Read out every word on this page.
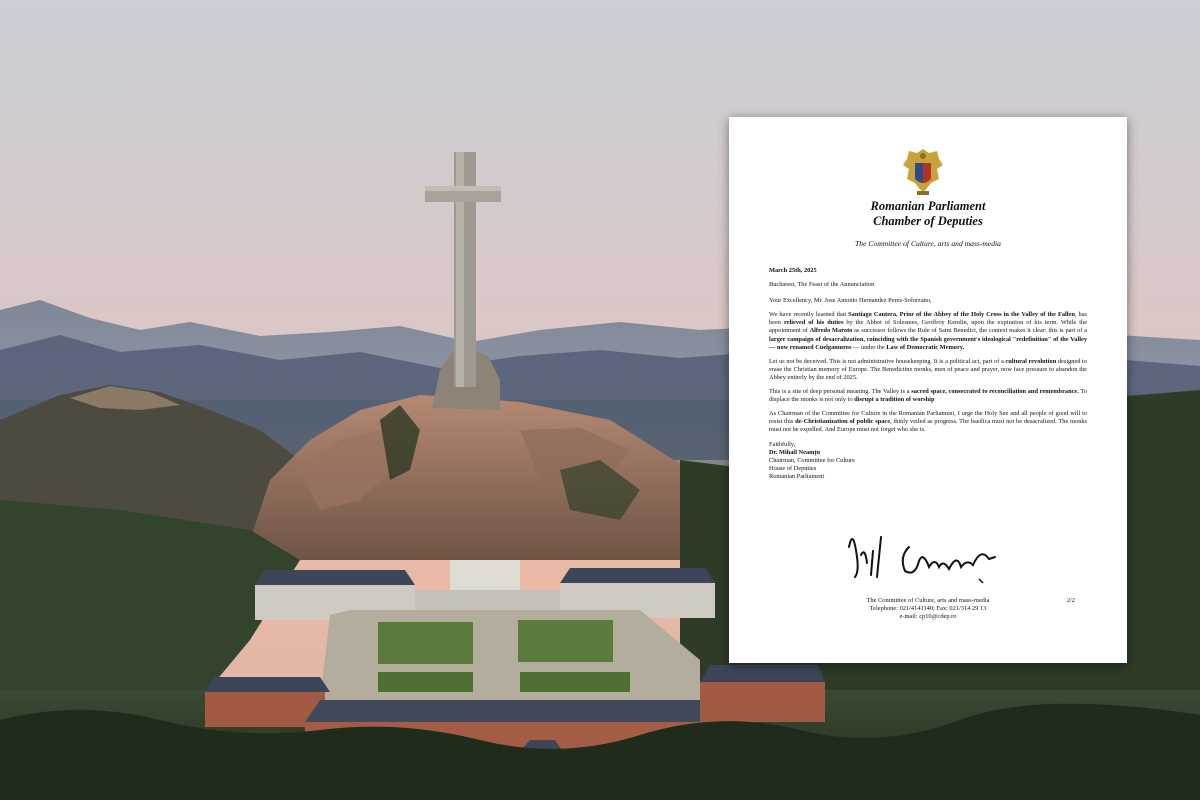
Romanian Parliament
Chamber of Deputies
The Committee of Culture, arts and mass-media

March 25th, 2025

Bucharest, The Feast of the Annunciation

Your Excellency, Mr. Jose Antonio Hernandez Perez-Solorzano,

We have recently learned that Santiago Cantera, Prior of the Abbey of the Holy Cross in the Valley of the Fallen, has been relieved of his duties by the Abbot of Solesmes, Geoffroy Kemlin, upon the expiration of his term. While the appointment of Alfredo Maroto as successor follows the Rule of Saint Benedict, the context makes it clear: this is part of a larger campaign of desacralization, coinciding with the Spanish government's ideological "redefinition" of the Valley — now renamed Cuelgamuros — under the Law of Democratic Memory.

Let us not be deceived. This is not administrative housekeeping. It is a political act, part of a cultural revolution designed to erase the Christian memory of Europe. The Benedictine monks, men of peace and prayer, now face pressure to abandon the Abbey entirely by the end of 2025.

This is a site of deep personal meaning. The Valley is a sacred space, consecrated to reconciliation and remembrance. To displace the monks is not only to disrupt a tradition of worship

As Chairman of the Committee for Culture in the Romanian Parliament, I urge the Holy See and all people of good will to resist this de-Christianization of public space, thinly veiled as progress. The basilica must not be desacralized. The monks must not be expelled. And Europe must not forget who she is.

Faithfully,
Dr. Mihail Neamțu
Chairman, Committee for Culture
House of Deputies
Romanian Parliament
The Committee of Culture, arts and mass-media
Telephone: 021/4141140; Fax: 021/314 29 13
e-mail: cp10@cdep.ro
2/2
